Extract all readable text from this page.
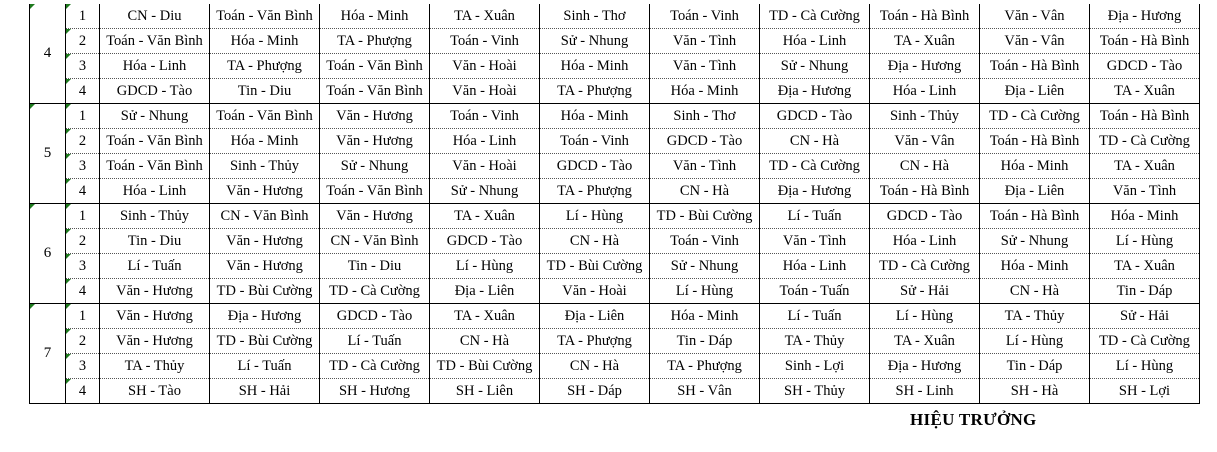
4	1	CN - Diu	Toán - Văn Bình	Hóa - Minh	TA - Xuân	Sinh - Thơ	Toán - Vinh	TD - Cà Cường	Toán - Hà Bình	Văn - Vân	Địa - Hương

2	Toán - Văn Bình	Hóa - Minh	TA - Phượng	Toán - Vinh	Sử - Nhung	Văn - Tình	Hóa - Linh	TA - Xuân	Văn - Vân	Toán - Hà Bình

3	Hóa - Linh	TA - Phượng	Toán - Văn Bình	Văn - Hoài	Hóa - Minh	Văn - Tình	Sử - Nhung	Địa - Hương	Toán - Hà Bình	GDCD - Tào

4	GDCD - Tào	Tin - Diu	Toán - Văn Bình	Văn - Hoài	TA - Phượng	Hóa - Minh	Địa - Hương	Hóa - Linh	Địa - Liên	TA - Xuân
5	1	Sử - Nhung	Toán - Văn Bình	Văn - Hương	Toán - Vinh	Hóa - Minh	Sinh - Thơ	GDCD - Tào	Sinh - Thủy	TD - Cà Cường	Toán - Hà Bình

2	Toán - Văn Bình	Hóa - Minh	Văn - Hương	Hóa - Linh	Toán - Vinh	GDCD - Tào	CN - Hà	Văn - Vân	Toán - Hà Bình	TD - Cà Cường

3	Toán - Văn Bình	Sinh - Thủy	Sử - Nhung	Văn - Hoài	GDCD - Tào	Văn - Tình	TD - Cà Cường	CN - Hà	Hóa - Minh	TA - Xuân

4	Hóa - Linh	Văn - Hương	Toán - Văn Bình	Sử - Nhung	TA - Phượng	CN - Hà	Địa - Hương	Toán - Hà Bình	Địa - Liên	Văn - Tình
6	1	Sinh - Thủy	CN - Văn Bình	Văn - Hương	TA - Xuân	Lí - Hùng	TD - Bùi Cường	Lí - Tuấn	GDCD - Tào	Toán - Hà Bình	Hóa - Minh

2	Tin - Diu	Văn - Hương	CN - Văn Bình	GDCD - Tào	CN - Hà	Toán - Vinh	Văn - Tình	Hóa - Linh	Sử - Nhung	Lí - Hùng

3	Lí - Tuấn	Văn - Hương	Tin - Diu	Lí - Hùng	TD - Bùi Cường	Sử - Nhung	Hóa - Linh	TD - Cà Cường	Hóa - Minh	TA - Xuân

4	Văn - Hương	TD - Bùi Cường	TD - Cà Cường	Địa - Liên	Văn - Hoài	Lí - Hùng	Toán - Tuấn	Sử - Hải	CN - Hà	Tin - Dáp
7	1	Văn - Hương	Địa - Hương	GDCD - Tào	TA - Xuân	Địa - Liên	Hóa - Minh	Lí - Tuấn	Lí - Hùng	TA - Thủy	Sử - Hải

2	Văn - Hương	TD - Bùi Cường	Lí - Tuấn	CN - Hà	TA - Phượng	Tin - Dáp	TA - Thủy	TA - Xuân	Lí - Hùng	TD - Cà Cường

3	TA - Thủy	Lí - Tuấn	TD - Cà Cường	TD - Bùi Cường	CN - Hà	TA - Phượng	Sinh - Lợi	Địa - Hương	Tin - Dáp	Lí - Hùng

4	SH - Tào	SH - Hải	SH - Hương	SH - Liên	SH - Dáp	SH - Vân	SH - Thủy	SH - Linh	SH - Hà	SH - Lợi
HIỆU TRƯỞNG
